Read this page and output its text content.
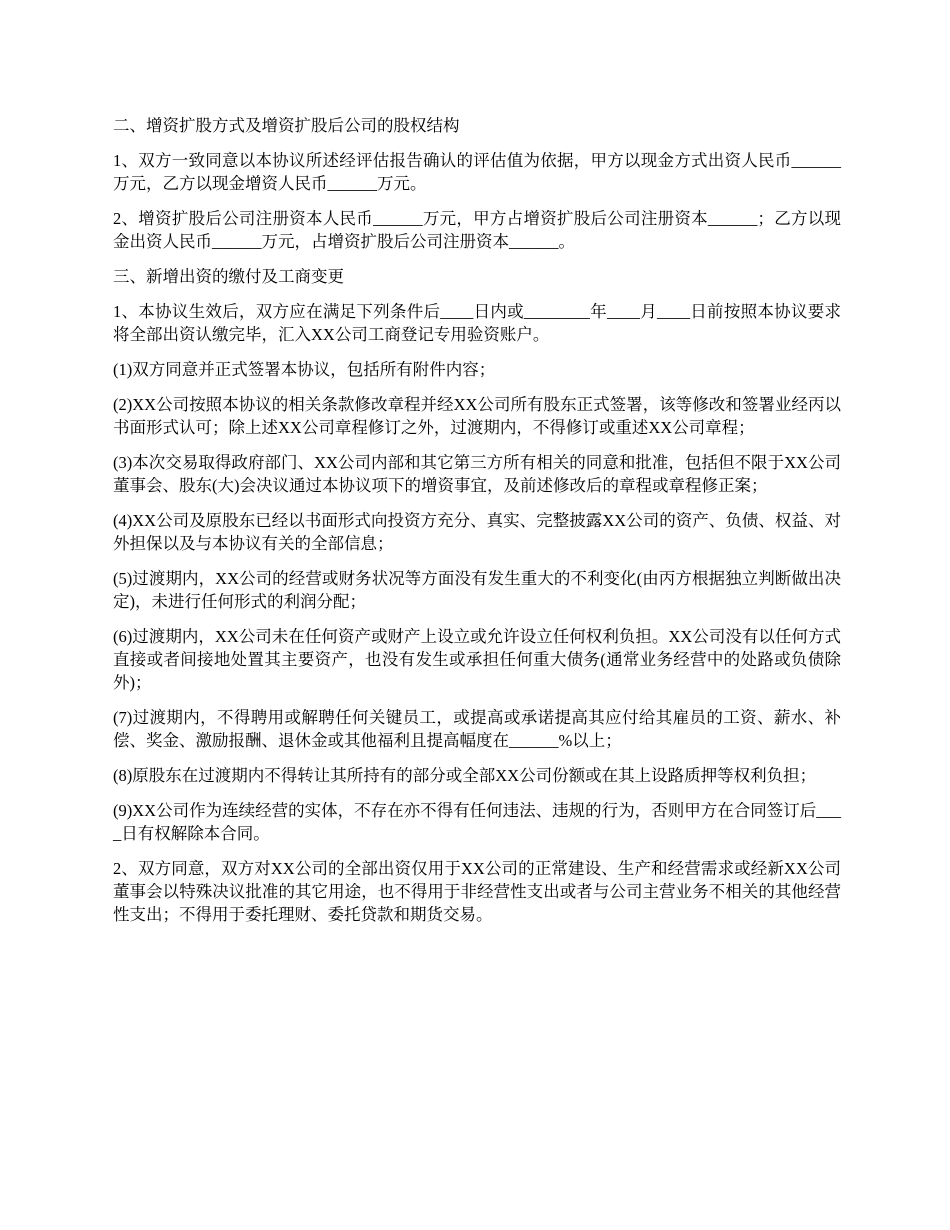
二、增资扩股方式及增资扩股后公司的股权结构

1、双方一致同意以本协议所述经评估报告确认的评估值为依据，甲方以现金方式出资人民币______万元，乙方以现金增资人民币______万元。

2、增资扩股后公司注册资本人民币______万元，甲方占增资扩股后公司注册资本______；乙方以现金出资人民币______万元，占增资扩股后公司注册资本______。

三、新增出资的缴付及工商变更

1、本协议生效后，双方应在满足下列条件后____日内或________年____月____日前按照本协议要求将全部出资认缴完毕，汇入XX公司工商登记专用验资账户。

(1)双方同意并正式签署本协议，包括所有附件内容；

(2)XX公司按照本协议的相关条款修改章程并经XX公司所有股东正式签署，该等修改和签署业经丙以书面形式认可；除上述XX公司章程修订之外，过渡期内，不得修订或重述XX公司章程；

(3)本次交易取得政府部门、XX公司内部和其它第三方所有相关的同意和批准，包括但不限于XX公司董事会、股东(大)会决议通过本协议项下的增资事宜，及前述修改后的章程或章程修正案；

(4)XX公司及原股东已经以书面形式向投资方充分、真实、完整披露XX公司的资产、负债、权益、对外担保以及与本协议有关的全部信息；

(5)过渡期内，XX公司的经营或财务状况等方面没有发生重大的不利变化(由丙方根据独立判断做出决定)，未进行任何形式的利润分配；

(6)过渡期内，XX公司未在任何资产或财产上设立或允许设立任何权利负担。XX公司没有以任何方式直接或者间接地处置其主要资产，也没有发生或承担任何重大债务(通常业务经营中的处路或负债除外)；

(7)过渡期内，不得聘用或解聘任何关键员工，或提高或承诺提高其应付给其雇员的工资、薪水、补偿、奖金、激励报酬、退休金或其他福利且提高幅度在______%以上；

(8)原股东在过渡期内不得转让其所持有的部分或全部XX公司份额或在其上设路质押等权利负担；

(9)XX公司作为连续经营的实体，不存在亦不得有任何违法、违规的行为，否则甲方在合同签订后____日有权解除本合同。

2、双方同意，双方对XX公司的全部出资仅用于XX公司的正常建设、生产和经营需求或经新XX公司董事会以特殊决议批准的其它用途，也不得用于非经营性支出或者与公司主营业务不相关的其他经营性支出；不得用于委托理财、委托贷款和期货交易。
